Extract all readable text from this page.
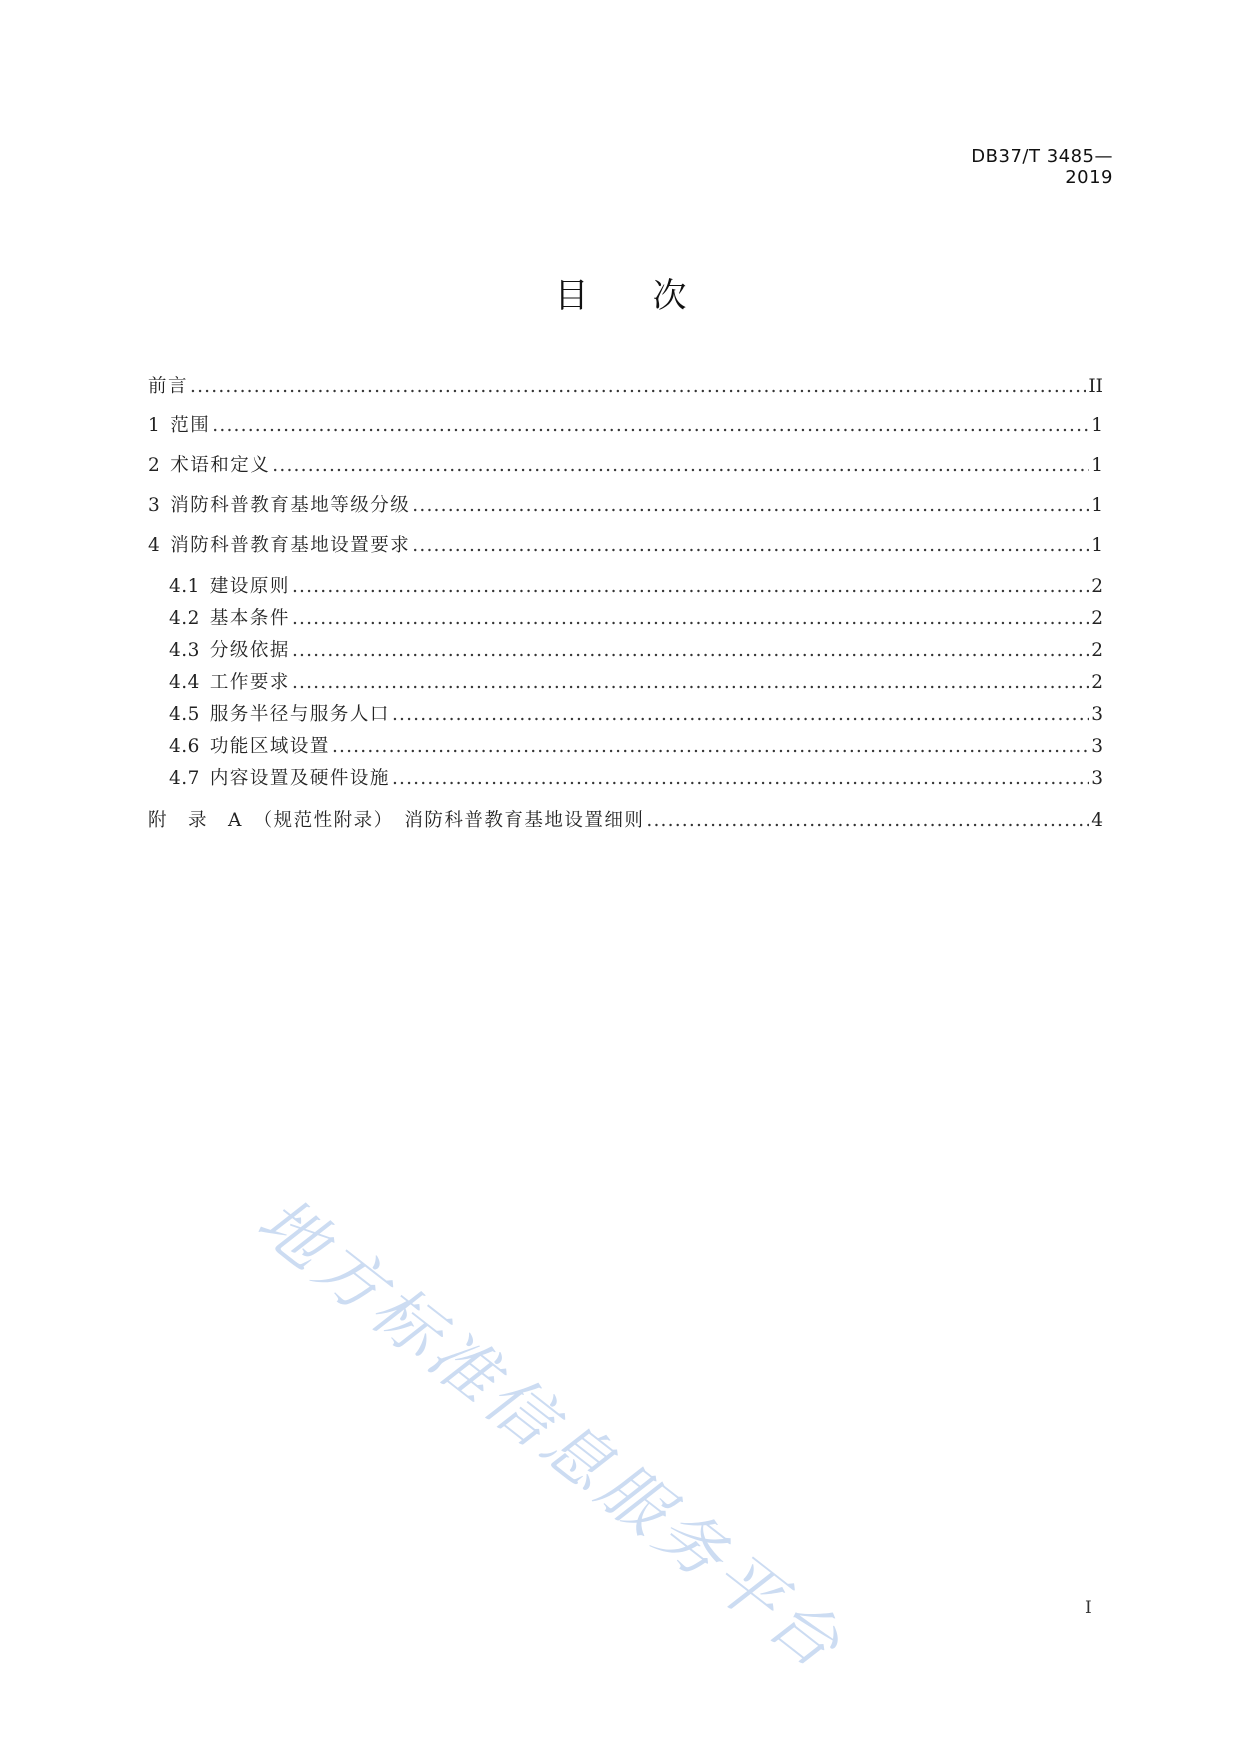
DB37/T 3485—2019
目 次
前言 .....	II
1 范围 .....	1
2 术语和定义 .....	1
3 消防科普教育基地等级分级 .....	1
4 消防科普教育基地设置要求 .....	1
4.1 建设原则 .....	2
4.2 基本条件 .....	2
4.3 分级依据 .....	2
4.4 工作要求 .....	2
4.5 服务半径与服务人口 .....	3
4.6 功能区域设置 .....	3
4.7 内容设置及硬件设施 .....	3
附　录　A　（规范性附录）　消防科普教育基地设置细则 .....	4
I
地方标准信息服务平台
